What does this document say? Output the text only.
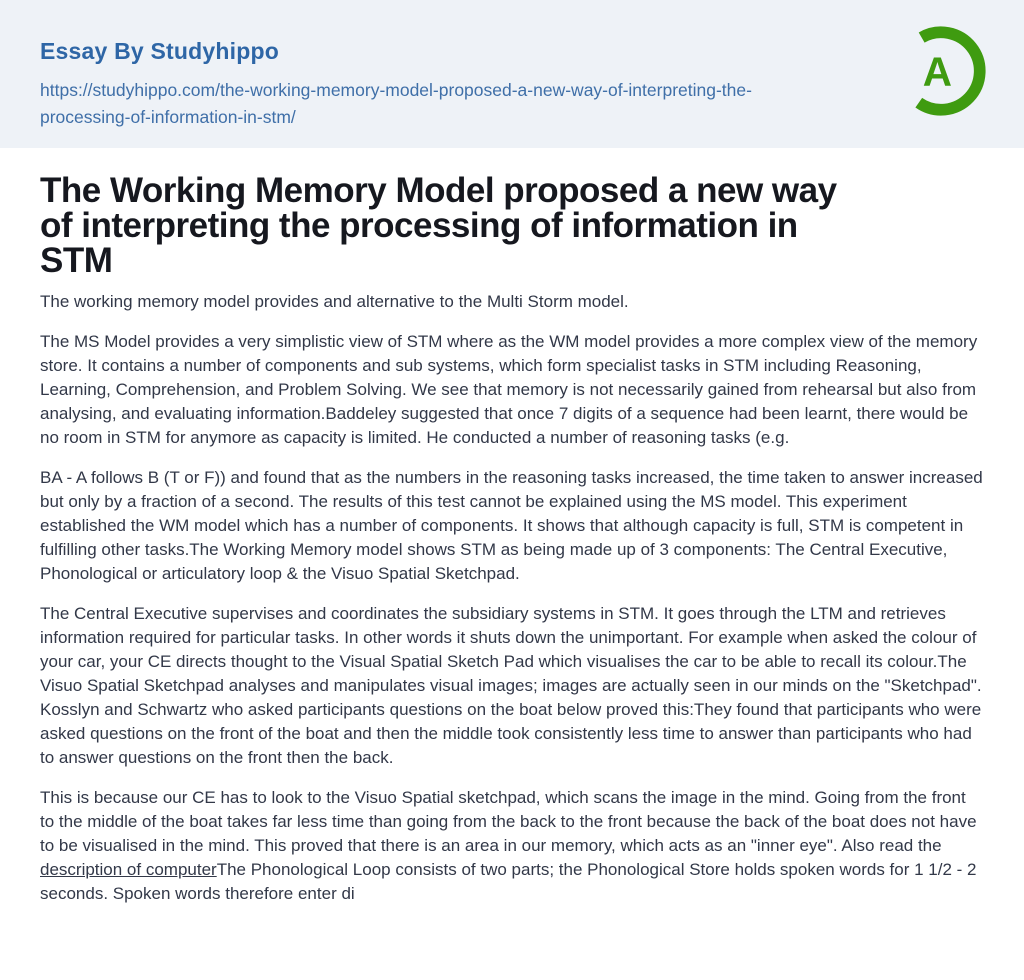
Essay By Studyhippo
https://studyhippo.com/the-working-memory-model-proposed-a-new-way-of-interpreting-the-processing-of-information-in-stm/
A
The Working Memory Model proposed a new way
of interpreting the processing of information in
STM

The working memory model provides and alternative to the Multi Storm model.

The MS Model provides a very simplistic view of STM where as the WM model provides a more complex view of the memory store. It contains a number of components and sub systems, which form specialist tasks in STM including Reasoning, Learning, Comprehension, and Problem Solving. We see that memory is not necessarily gained from rehearsal but also from analysing, and evaluating information.Baddeley suggested that once 7 digits of a sequence had been learnt, there would be no room in STM for anymore as capacity is limited. He conducted a number of reasoning tasks (e.g.

BA - A follows B (T or F)) and found that as the numbers in the reasoning tasks increased, the time taken to answer increased but only by a fraction of a second. The results of this test cannot be explained using the MS model. This experiment established the WM model which has a number of components. It shows that although capacity is full, STM is competent in fulfilling other tasks.The Working Memory model shows STM as being made up of 3 components: The Central Executive, Phonological or articulatory loop & the Visuo Spatial Sketchpad.

The Central Executive supervises and coordinates the subsidiary systems in STM. It goes through the LTM and retrieves information required for particular tasks. In other words it shuts down the unimportant. For example when asked the colour of your car, your CE directs thought to the Visual Spatial Sketch Pad which visualises the car to be able to recall its colour.The Visuo Spatial Sketchpad analyses and manipulates visual images; images are actually seen in our minds on the "Sketchpad". Kosslyn and Schwartz who asked participants questions on the boat below proved this:They found that participants who were asked questions on the front of the boat and then the middle took consistently less time to answer than participants who had to answer questions on the front then the back.

This is because our CE has to look to the Visuo Spatial sketchpad, which scans the image in the mind. Going from the front to the middle of the boat takes far less time than going from the back to the front because the back of the boat does not have to be visualised in the mind. This proved that there is an area in our memory, which acts as an "inner eye". Also read the description of computerThe Phonological Loop consists of two parts; the Phonological Store holds spoken words for 1 1/2 - 2 seconds. Spoken words therefore enter di
